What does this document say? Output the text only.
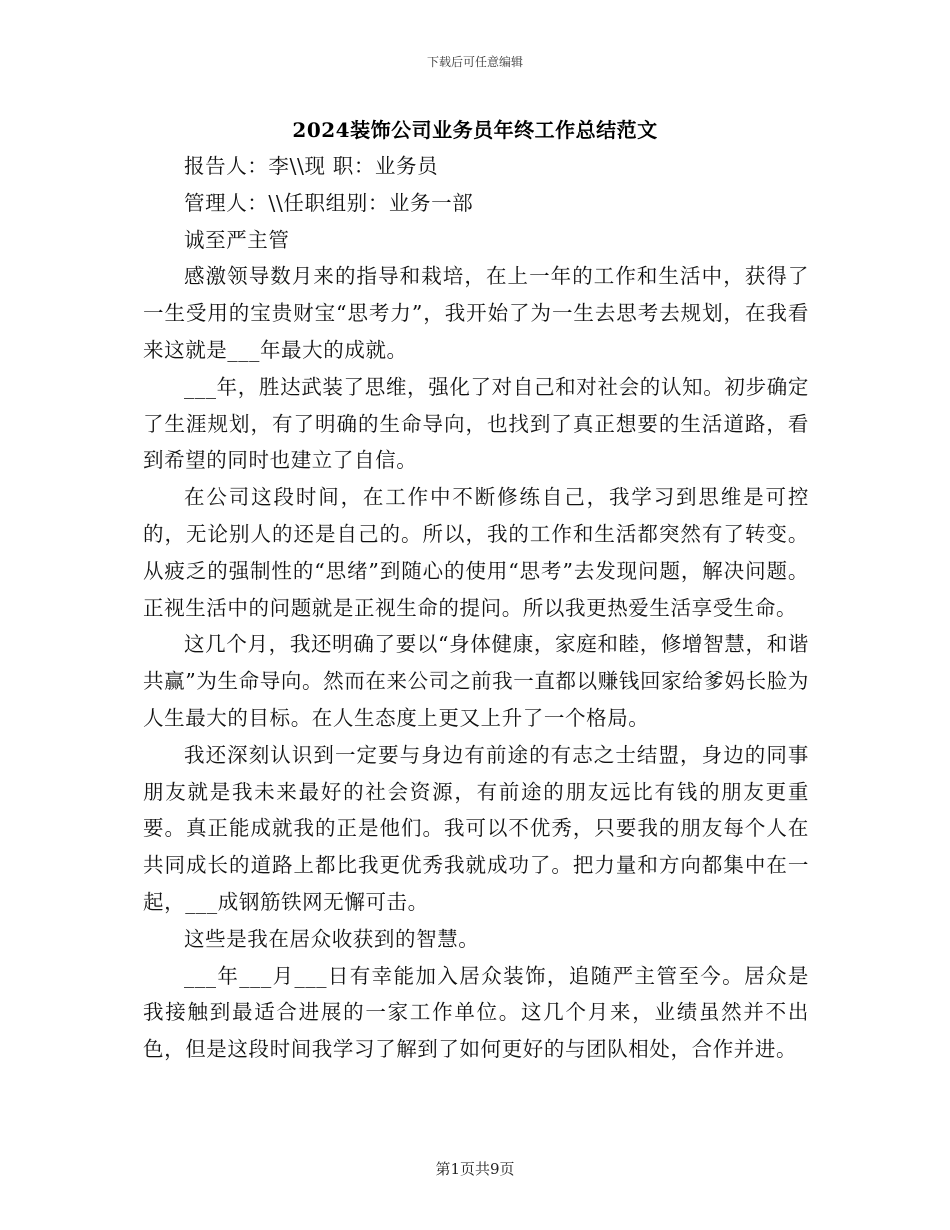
下载后可任意编辑
2024装饰公司业务员年终工作总结范文

报告人：李\\现 职：业务员

管理人：\\任职组别：业务一部

诚至严主管

感激领导数月来的指导和栽培，在上一年的工作和生活中，获得了一生受用的宝贵财宝“思考力”，我开始了为一生去思考去规划，在我看来这就是___年最大的成就。

___年，胜达武装了思维，强化了对自己和对社会的认知。初步确定了生涯规划，有了明确的生命导向，也找到了真正想要的生活道路，看到希望的同时也建立了自信。

在公司这段时间，在工作中不断修练自己，我学习到思维是可控的，无论别人的还是自己的。所以，我的工作和生活都突然有了转变。从疲乏的强制性的“思绪”到随心的使用“思考”去发现问题，解决问题。正视生活中的问题就是正视生命的提问。所以我更热爱生活享受生命。

这几个月，我还明确了要以“身体健康，家庭和睦，修增智慧，和谐共赢”为生命导向。然而在来公司之前我一直都以赚钱回家给爹妈长脸为人生最大的目标。在人生态度上更又上升了一个格局。

我还深刻认识到一定要与身边有前途的有志之士结盟，身边的同事朋友就是我未来最好的社会资源，有前途的朋友远比有钱的朋友更重要。真正能成就我的正是他们。我可以不优秀，只要我的朋友每个人在共同成长的道路上都比我更优秀我就成功了。把力量和方向都集中在一起，___成钢筋铁网无懈可击。

这些是我在居众收获到的智慧。

___年___月___日有幸能加入居众装饰，追随严主管至今。居众是我接触到最适合进展的一家工作单位。这几个月来，业绩虽然并不出色，但是这段时间我学习了解到了如何更好的与团队相处，合作并进。

第1页共9页
